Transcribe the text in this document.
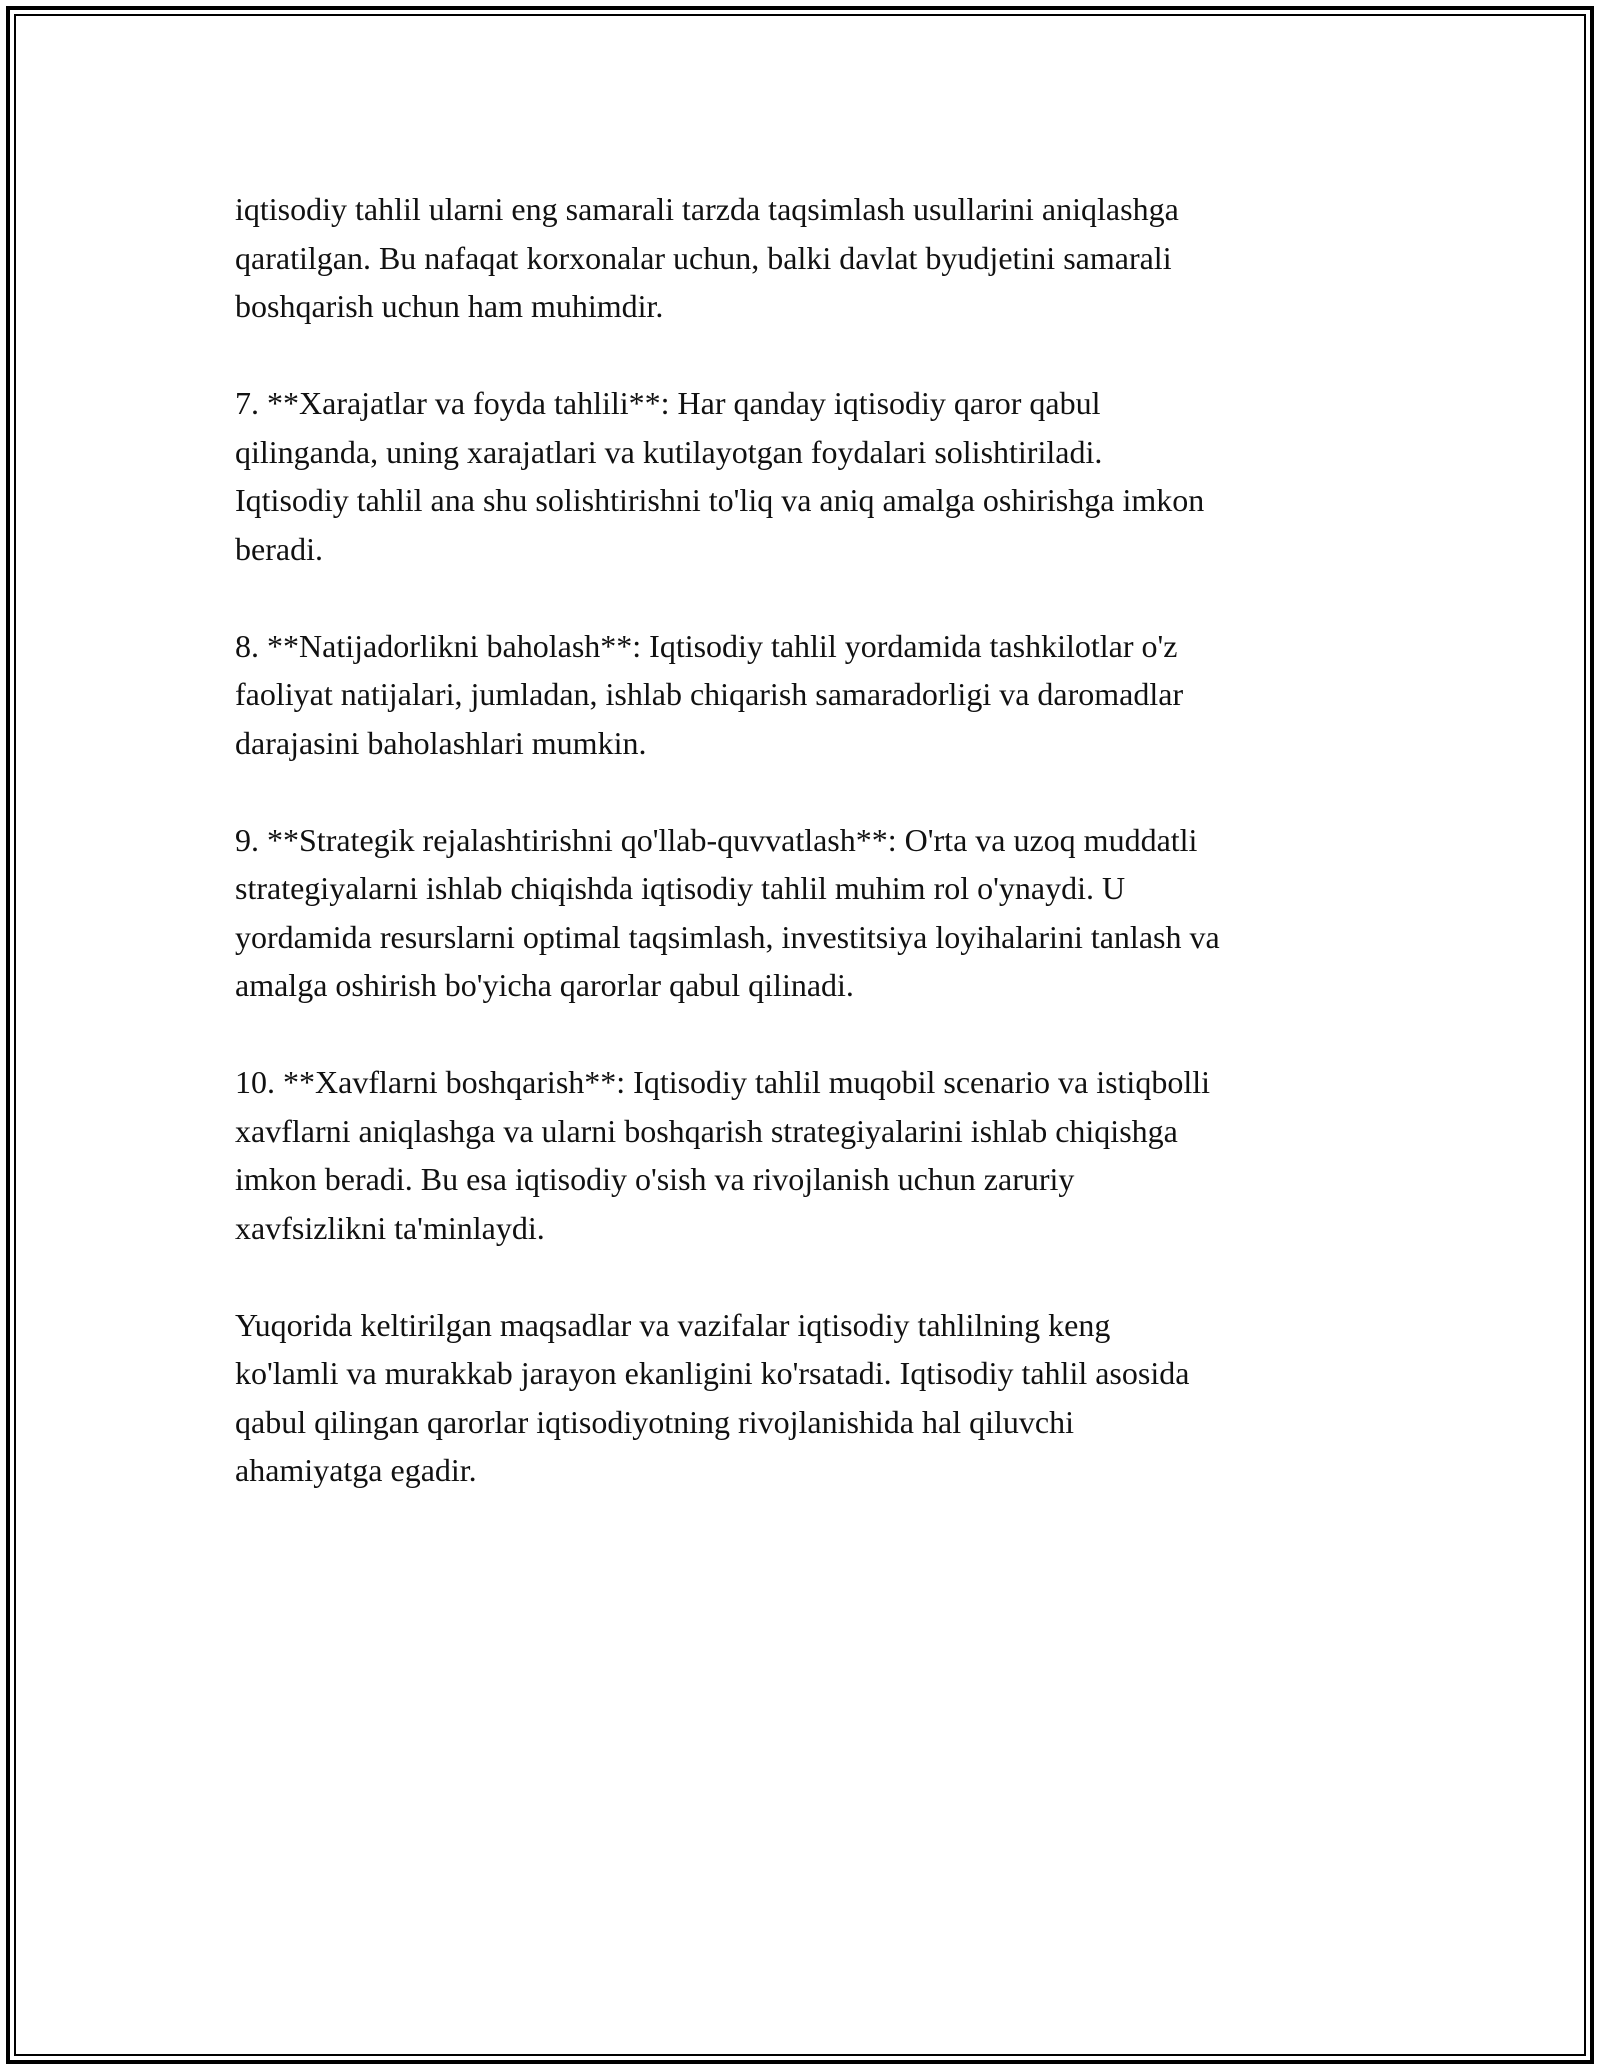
iqtisodiy tahlil ularni eng samarali tarzda taqsimlash usullarini aniqlashga
qaratilgan. Bu nafaqat korxonalar uchun, balki davlat byudjetini samarali
boshqarish uchun ham muhimdir.

7. **Xarajatlar va foyda tahlili**: Har qanday iqtisodiy qaror qabul
qilinganda, uning xarajatlari va kutilayotgan foydalari solishtiriladi.
Iqtisodiy tahlil ana shu solishtirishni to'liq va aniq amalga oshirishga imkon
beradi.

8. **Natijadorlikni baholash**: Iqtisodiy tahlil yordamida tashkilotlar o'z
faoliyat natijalari, jumladan, ishlab chiqarish samaradorligi va daromadlar
darajasini baholashlari mumkin.

9. **Strategik rejalashtirishni qo'llab-quvvatlash**: O'rta va uzoq muddatli
strategiyalarni ishlab chiqishda iqtisodiy tahlil muhim rol o'ynaydi. U
yordamida resurslarni optimal taqsimlash, investitsiya loyihalarini tanlash va
amalga oshirish bo'yicha qarorlar qabul qilinadi.

10. **Xavflarni boshqarish**: Iqtisodiy tahlil muqobil scenario va istiqbolli
xavflarni aniqlashga va ularni boshqarish strategiyalarini ishlab chiqishga
imkon beradi. Bu esa iqtisodiy o'sish va rivojlanish uchun zaruriy
xavfsizlikni ta'minlaydi.

Yuqorida keltirilgan maqsadlar va vazifalar iqtisodiy tahlilning keng
ko'lamli va murakkab jarayon ekanligini ko'rsatadi. Iqtisodiy tahlil asosida
qabul qilingan qarorlar iqtisodiyotning rivojlanishida hal qiluvchi
ahamiyatga egadir.
